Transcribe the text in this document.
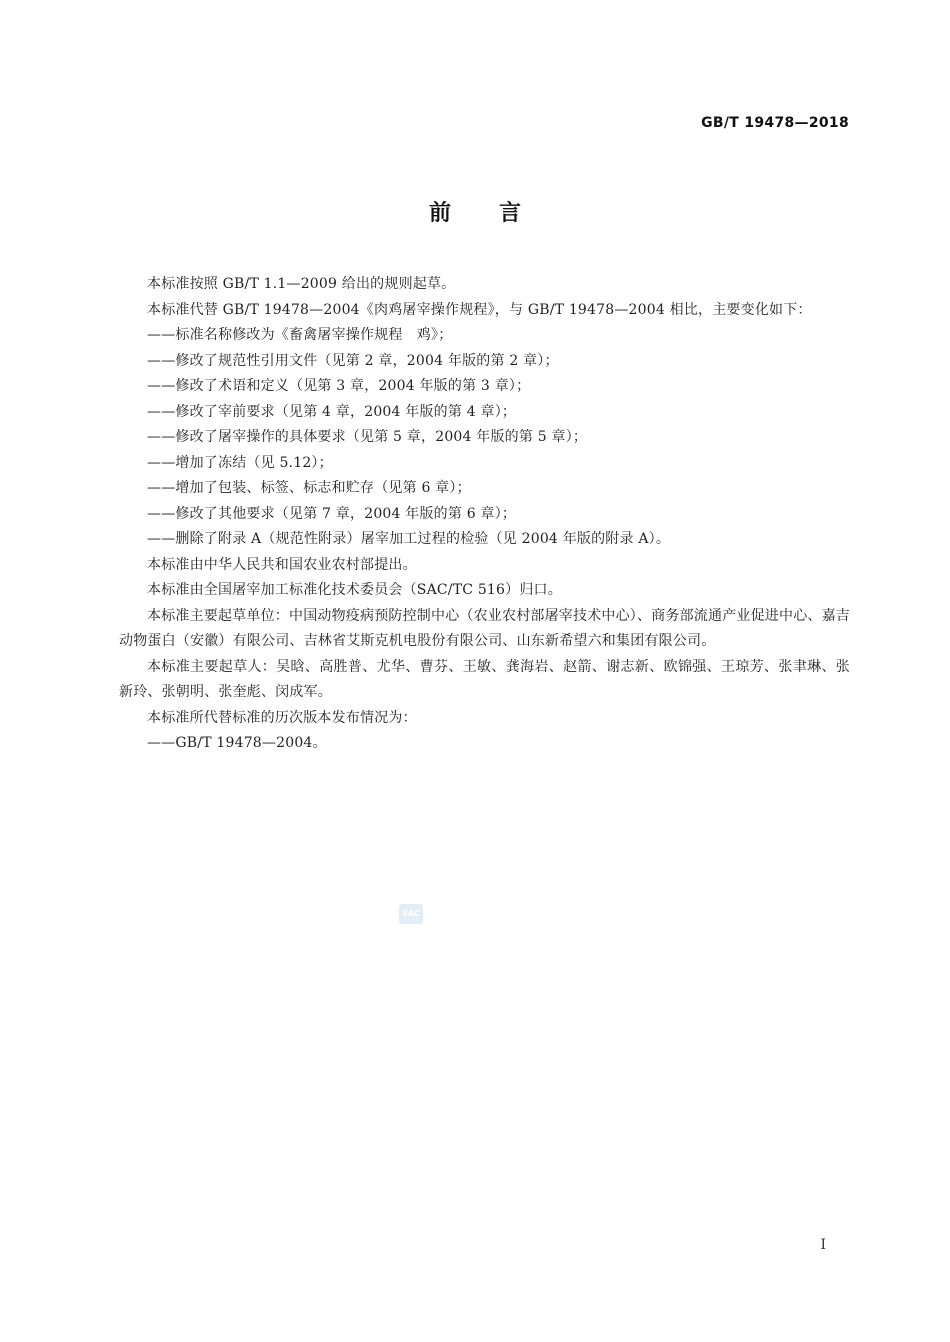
GB/T 19478—2018
前言

本标准按照 GB/T 1.1—2009 给出的规则起草。

本标准代替 GB/T 19478—2004《肉鸡屠宰操作规程》，与 GB/T 19478—2004 相比，主要变化如下：

——标准名称修改为《畜禽屠宰操作规程　鸡》；

——修改了规范性引用文件（见第 2 章，2004 年版的第 2 章）；

——修改了术语和定义（见第 3 章，2004 年版的第 3 章）；

——修改了宰前要求（见第 4 章，2004 年版的第 4 章）；

——修改了屠宰操作的具体要求（见第 5 章，2004 年版的第 5 章）；

——增加了冻结（见 5.12）；

——增加了包装、标签、标志和贮存（见第 6 章）；

——修改了其他要求（见第 7 章，2004 年版的第 6 章）；

——删除了附录 A（规范性附录）屠宰加工过程的检验（见 2004 年版的附录 A）。

本标准由中华人民共和国农业农村部提出。

本标准由全国屠宰加工标准化技术委员会（SAC/TC 516）归口。

本标准主要起草单位：中国动物疫病预防控制中心（农业农村部屠宰技术中心）、商务部流通产业促进中心、嘉吉动物蛋白（安徽）有限公司、吉林省艾斯克机电股份有限公司、山东新希望六和集团有限公司。

本标准主要起草人：吴晗、高胜普、尤华、曹芬、王敏、龚海岩、赵箭、谢志新、欧锦强、王琼芳、张聿琳、张新玲、张朝明、张奎彪、闵成军。

本标准所代替标准的历次版本发布情况为：

——GB/T 19478—2004。

SAC
I
